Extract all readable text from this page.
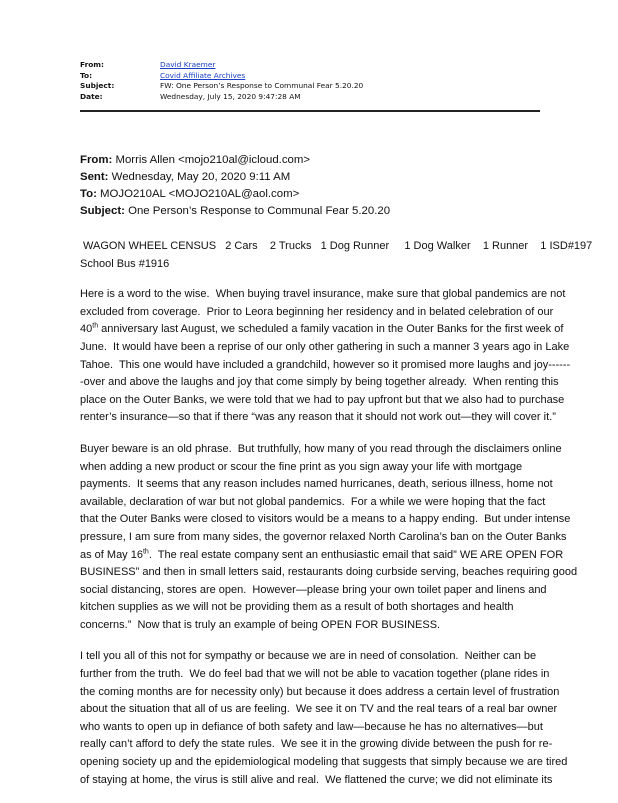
From:	David Kraemer
To:	Covid Affiliate Archives
Subject:	FW: One Person’s Response to Communal Fear 5.20.20
Date:	Wednesday, July 15, 2020 9:47:28 AM
From: Morris Allen <mojo210al@icloud.com>
Sent: Wednesday, May 20, 2020 9:11 AM
To: MOJO210AL <MOJO210AL@aol.com>
Subject: One Person’s Response to Communal Fear 5.20.20
WAGON WHEEL CENSUS   2 Cars    2 Trucks   1 Dog Runner     1 Dog Walker    1 Runner    1 ISD#197
School Bus #1916
Here is a word to the wise.  When buying travel insurance, make sure that global pandemics are not
excluded from coverage.  Prior to Leora beginning her residency and in belated celebration of our
40th anniversary last August, we scheduled a family vacation in the Outer Banks for the first week of
June.  It would have been a reprise of our only other gathering in such a manner 3 years ago in Lake
Tahoe.  This one would have included a grandchild, however so it promised more laughs and joy------
-over and above the laughs and joy that come simply by being together already.  When renting this
place on the Outer Banks, we were told that we had to pay upfront but that we also had to purchase
renter’s insurance—so that if there “was any reason that it should not work out—they will cover it.”
Buyer beware is an old phrase.  But truthfully, how many of you read through the disclaimers online
when adding a new product or scour the fine print as you sign away your life with mortgage
payments.  It seems that any reason includes named hurricanes, death, serious illness, home not
available, declaration of war but not global pandemics.  For a while we were hoping that the fact
that the Outer Banks were closed to visitors would be a means to a happy ending.  But under intense
pressure, I am sure from many sides, the governor relaxed North Carolina’s ban on the Outer Banks
as of May 16th.  The real estate company sent an enthusiastic email that said” WE ARE OPEN FOR
BUSINESS” and then in small letters said, restaurants doing curbside serving, beaches requiring good
social distancing, stores are open.  However—please bring your own toilet paper and linens and
kitchen supplies as we will not be providing them as a result of both shortages and health
concerns.”  Now that is truly an example of being OPEN FOR BUSINESS.
I tell you all of this not for sympathy or because we are in need of consolation.  Neither can be
further from the truth.  We do feel bad that we will not be able to vacation together (plane rides in
the coming months are for necessity only) but because it does address a certain level of frustration
about the situation that all of us are feeling.  We see it on TV and the real tears of a real bar owner
who wants to open up in defiance of both safety and law—because he has no alternatives—but
really can’t afford to defy the state rules.  We see it in the growing divide between the push for re-
opening society up and the epidemiological modeling that suggests that simply because we are tired
of staying at home, the virus is still alive and real.  We flattened the curve; we did not eliminate its
